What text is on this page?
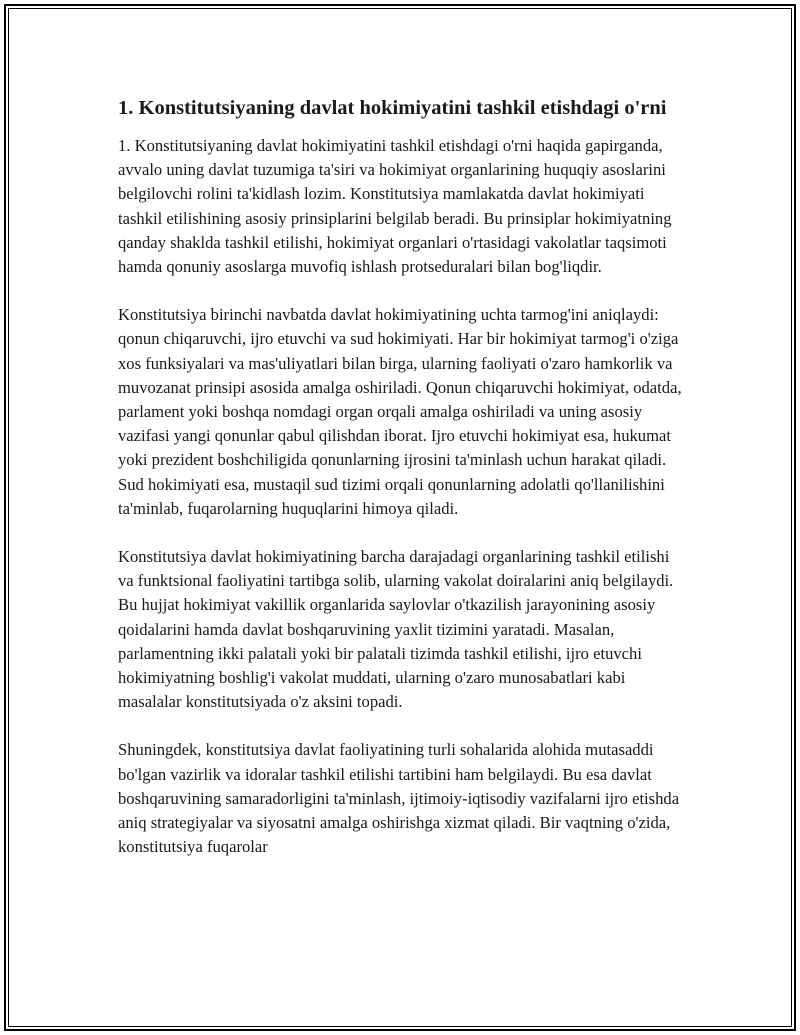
1. Konstitutsiyaning davlat hokimiyatini tashkil etishdagi o'rni

1. Konstitutsiyaning davlat hokimiyatini tashkil etishdagi o'rni haqida gapirganda, avvalo uning davlat tuzumiga ta'siri va hokimiyat organlarining huquqiy asoslarini belgilovchi rolini ta'kidlash lozim. Konstitutsiya mamlakatda davlat hokimiyati tashkil etilishining asosiy prinsiplarini belgilab beradi. Bu prinsiplar hokimiyatning qanday shaklda tashkil etilishi, hokimiyat organlari o'rtasidagi vakolatlar taqsimoti hamda qonuniy asoslarga muvofiq ishlash protseduralari bilan bog'liqdir.

Konstitutsiya birinchi navbatda davlat hokimiyatining uchta tarmog'ini aniqlaydi: qonun chiqaruvchi, ijro etuvchi va sud hokimiyati. Har bir hokimiyat tarmog'i o'ziga xos funksiyalari va mas'uliyatlari bilan birga, ularning faoliyati o'zaro hamkorlik va muvozanat prinsipi asosida amalga oshiriladi. Qonun chiqaruvchi hokimiyat, odatda, parlament yoki boshqa nomdagi organ orqali amalga oshiriladi va uning asosiy vazifasi yangi qonunlar qabul qilishdan iborat. Ijro etuvchi hokimiyat esa, hukumat yoki prezident boshchiligida qonunlarning ijrosini ta'minlash uchun harakat qiladi. Sud hokimiyati esa, mustaqil sud tizimi orqali qonunlarning adolatli qo'llanilishini ta'minlab, fuqarolarning huquqlarini himoya qiladi.

Konstitutsiya davlat hokimiyatining barcha darajadagi organlarining tashkil etilishi va funktsional faoliyatini tartibga solib, ularning vakolat doiralarini aniq belgilaydi. Bu hujjat hokimiyat vakillik organlarida saylovlar o'tkazilish jarayonining asosiy qoidalarini hamda davlat boshqaruvining yaxlit tizimini yaratadi. Masalan, parlamentning ikki palatali yoki bir palatali tizimda tashkil etilishi, ijro etuvchi hokimiyatning boshlig'i vakolat muddati, ularning o'zaro munosabatlari kabi masalalar konstitutsiyada o'z aksini topadi.

Shuningdek, konstitutsiya davlat faoliyatining turli sohalarida alohida mutasaddi bo'lgan vazirlik va idoralar tashkil etilishi tartibini ham belgilaydi. Bu esa davlat boshqaruvining samaradorligini ta'minlash, ijtimoiy-iqtisodiy vazifalarni ijro etishda aniq strategiyalar va siyosatni amalga oshirishga xizmat qiladi. Bir vaqtning o'zida, konstitutsiya fuqarolar
